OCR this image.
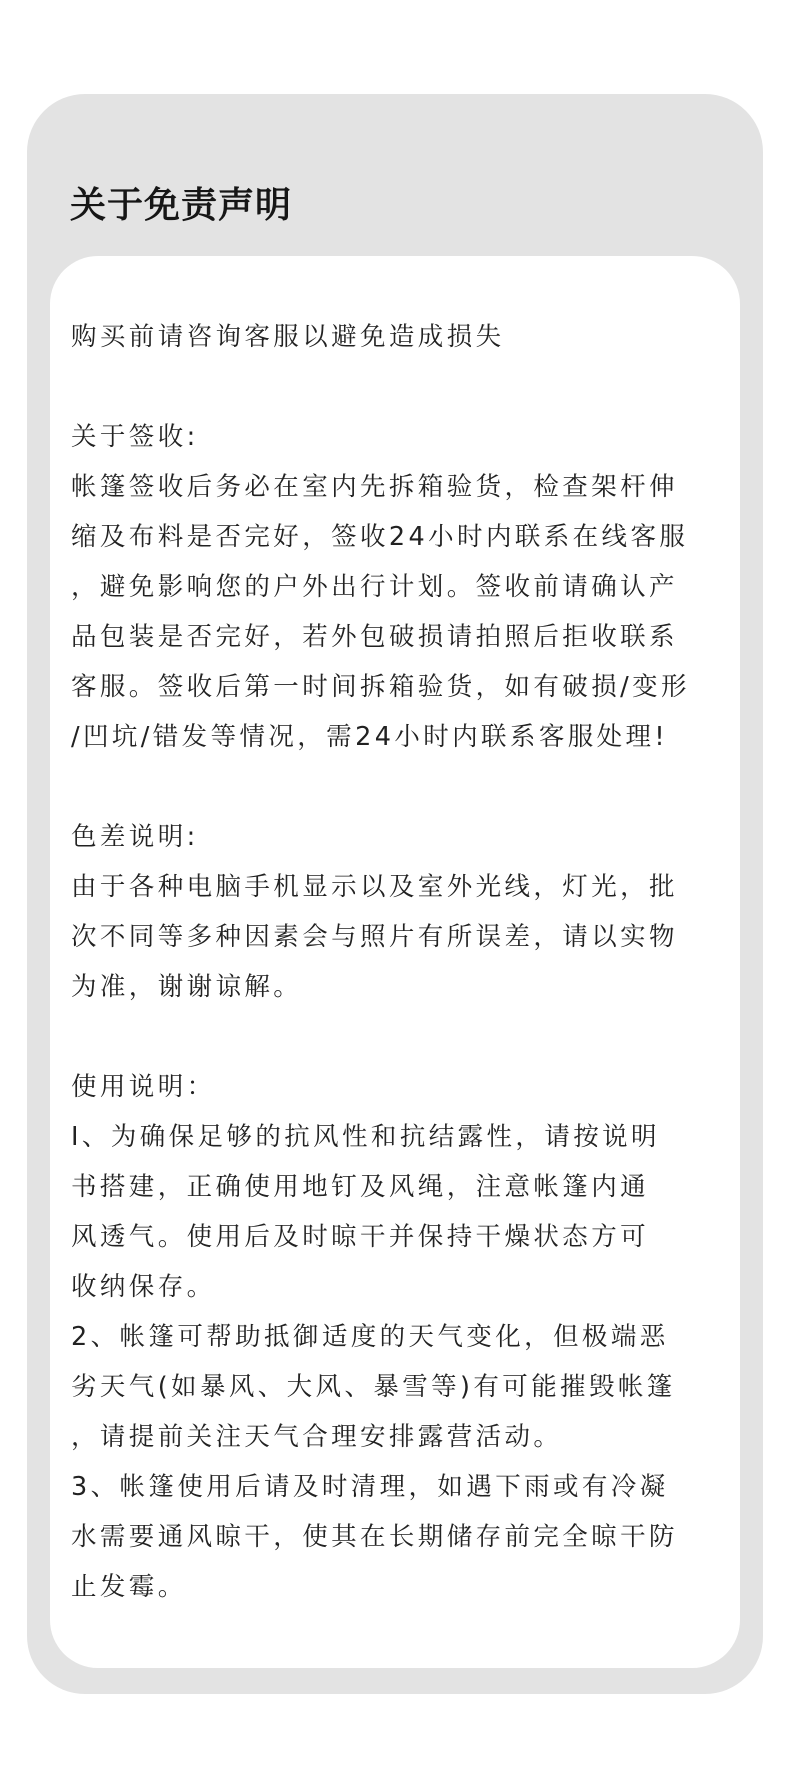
关于免责声明

购买前请咨询客服以避免造成损失

关于签收:

帐篷签收后务必在室内先拆箱验货，检查架杆伸
缩及布料是否完好，签收24小时内联系在线客服
，避免影响您的户外出行计划。签收前请确认产
品包装是否完好，若外包破损请拍照后拒收联系
客服。签收后第一时间拆箱验货，如有破损/变形
/凹坑/错发等情况，需24小时内联系客服处理!

色差说明:

由于各种电脑手机显示以及室外光线，灯光，批
次不同等多种因素会与照片有所误差，请以实物
为准，谢谢谅解。

使用说明：

I、为确保足够的抗风性和抗结露性，请按说明
书搭建，正确使用地钉及风绳，注意帐篷内通
风透气。使用后及时晾干并保持干燥状态方可
收纳保存。

2、帐篷可帮助抵御适度的天气变化，但极端恶
劣天气(如暴风、大风、暴雪等)有可能摧毁帐篷
，请提前关注天气合理安排露营活动。

3、帐篷使用后请及时清理，如遇下雨或有冷凝
水需要通风晾干，使其在长期储存前完全晾干防
止发霉。
